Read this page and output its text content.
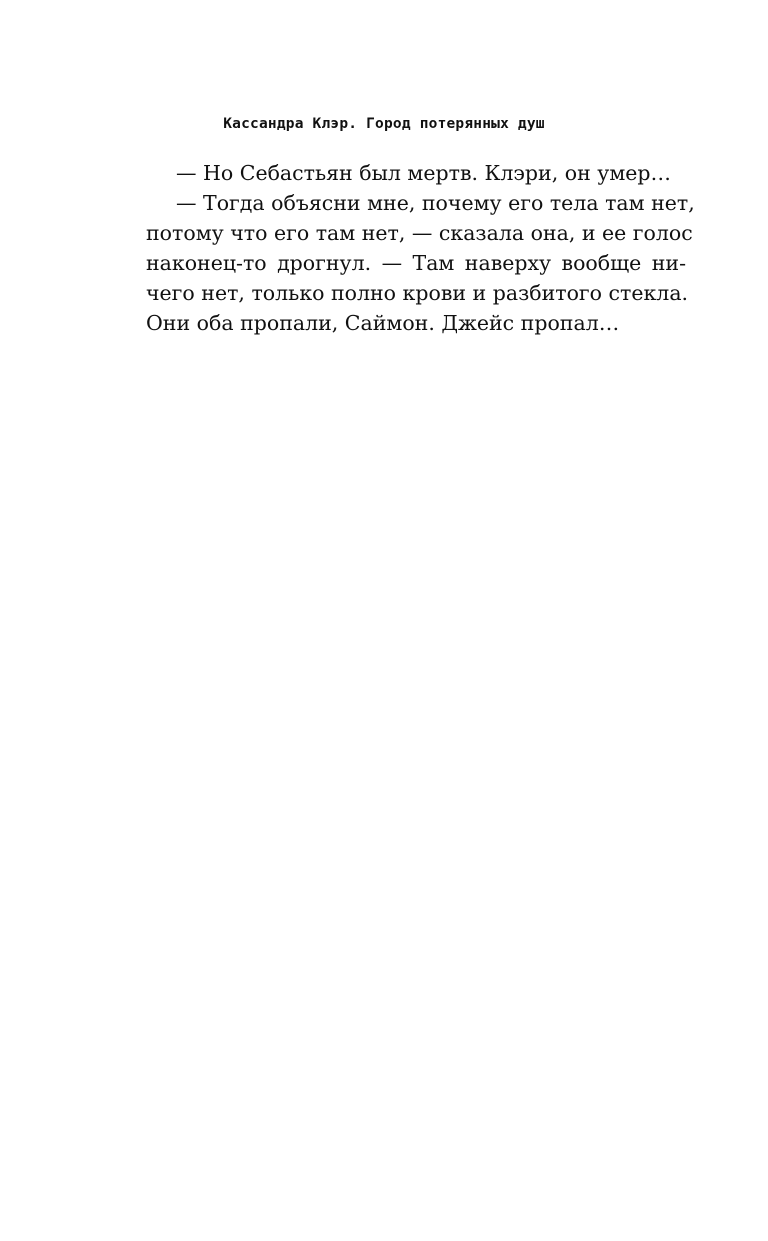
Кассандра Клэр. Город потерянных душ
— Но Себастьян был мертв. Клэри, он умер…
— Тогда объясни мне, почему его тела там нет,
потому что его там нет, — сказала она, и ее голос
наконец-то дрогнул. — Там наверху вообще ни-
чего нет, только полно крови и разбитого стекла.
Они оба пропали, Саймон. Джейс пропал…
